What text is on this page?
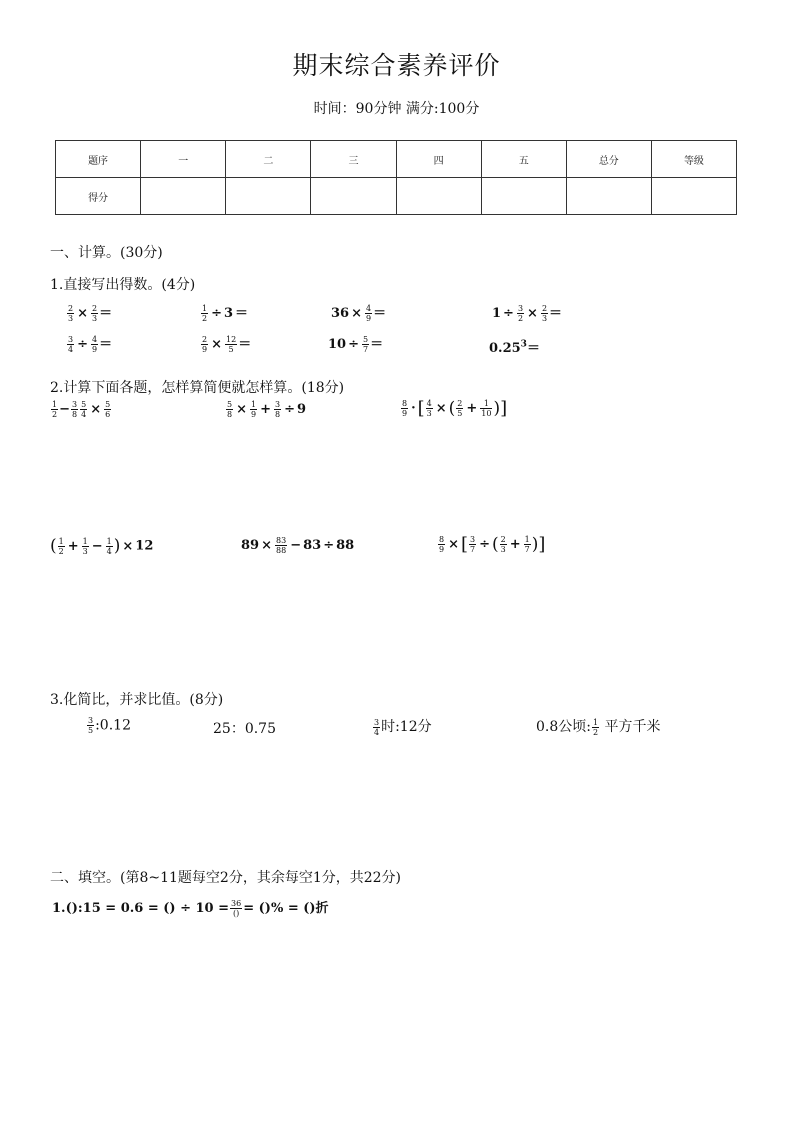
期末综合素养评价
时间：90分钟 满分:100分
题序	一	二	三	四	五	总分	等级
得分							
一、计算。(30分)
1.直接写出得数。(4分)
$\frac{2}{3} \times \frac{2}{3}$ ＝	$\frac{1}{2} \div 3$ ＝	$36 \times \frac{4}{9}$ ＝	$1 \div \frac{3}{2} \times \frac{2}{3}$ ＝
$\frac{3}{4} \div \frac{4}{9}$ ＝	$\frac{2}{9} \times \frac{12}{5}$ ＝	$10 \div \frac{5}{7}$ ＝	$0.25^3=$
2.计算下面各题，怎样算简便就怎样算。(18分)
$\frac{1}{2} - \frac{3}{8} \frac{5}{4} \times \frac{5}{6}$	$\frac{5}{8} \times \frac{1}{9} + \frac{3}{8} \div 9$	$\frac{8}{9}$ · [ $\frac{4}{3}$ × ( $\frac{2}{5} + \frac{1}{10}$ )]
( $\frac{1}{2} + \frac{1}{3} - \frac{1}{4}$ ) × 12	$89 \times \frac{83}{88} - 83 \div 88$	$\frac{8}{9}$ × [ $\frac{3}{7}$ ÷ ( $\frac{2}{3} + \frac{1}{7}$ )]
3.化简比，并求比值。(8分)
$\frac{3}{5}$ :0.12	25：0.75	$\frac{3}{4}$ 时:12分	0.8公顷: $\frac{1}{2}$ 平方千米
二、填空。(第8~11题每空2分，其余每空1分，共22分)
1.():15 = 0.6 = () ÷ $10 = \frac{36}{()}$ = ()% = ()折
